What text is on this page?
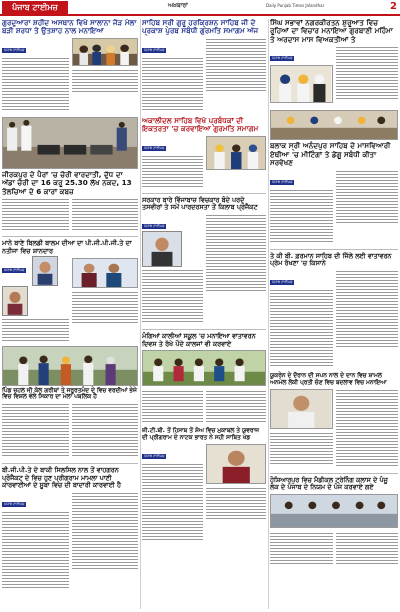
ਪੰਜਾਬ ਟਾਈਮਜ਼	ਅਖ਼ਬਾਰਾਂ	Daily Punjab Times Jalandhar	2
ਗੁਰਦੁਆਰਾ ਸ਼ਹੀਦ ਅਸਥਾਨ ਵਿਖੇ ਸਾਲਾਨਾ ਜੋੜ ਮੇਲਾ ਬੜੀ ਸ਼ਰਧਾ ਤੇ ਉਤਸ਼ਾਹ ਨਾਲ ਮਨਾਇਆ
ਪੰਜਾਬ ਟਾਈਮਜ਼
ਜੀਰਕਪੁਰ ਦੇ ਪੈਰਾਂ 'ਚ ਚੋਰੀ ਵਾਰਦਾਤੀ, ਦੁੱਧ ਦਾ ਅੱਡਾ ਚੋਰੀ ਦਾ 16 ਕਰੂ 25.30 ਲੱਖ ਨਕਦ, 13 ਤੋਲਚਿਆਂ ਦੇ 6 ਕਾਰਾਂ ਕਬਜ਼
ਮਾਨੇ ਬਾਣੇ ਬਿਲਡੀ ਬਾਲਮ ਦੀਆ ਦਾ ਪੀ.ਜੀ.ਪੀ.ਜੀ.ਤੇ ਦਾ ਨਤੀਜਾ ਵਿਚ ਸ਼ਾਨਦਾਰ
ਪੰਜਾਬ ਟਾਈਮਜ਼
ਪਿੰਡ ਚਹਲ ਜੀ ਕੋਲ ਗਰੀਬਾਂ ਤੇ ਜਰੂਰਤਮੰਦ ਦੇ ਵਿਚ ਵਰਦੀਆਂ ਭੇਜੇ ਵਿਚ ਵਿਸ਼ਲ ਵੇਲੇ ਸਿਕਾਰ ਦਾ ਮੇਲਾ ਪਬਲਿਕ ਹੈ
ਬੀ.ਜੀ.ਪੀ.ਤੇ ਦੇ ਬਾਕੀ ਸਿਲਸਿਲ ਨਾਲ ਤੋਂ ਵਾਹਗਰਨ ਪ੍ਰੋਜੈਕਟ ਦੇ ਵਿਚ ਹੁਣ ਪ੍ਰੀਗਰਾਮ ਮਾਮਲਾ ਪਾਣੀ ਕਾਰਵਾਈਆਂ ਦੇ ਸੂਬਾ ਵਿਚ ਦੀ ਬਾਦਾਰੀ ਕਾਰਵਾਈ ਹੈ
ਪੰਜਾਬ ਟਾਈਮਜ਼
ਸਾਹਿਬ ਸ੍ਰੀ ਗੁਰੂ ਹਰਕ੍ਰਿਸ਼ਨ ਸਾਹਿਬ ਜੀ ਦੇ ਪ੍ਰਕਾਸ਼ ਪੁਰਬ ਸਬੰਧੀ ਗੁਰਮਤਿ ਸਮਾਗਮ ਅੱਜ
ਪੰਜਾਬ ਟਾਈਮਜ਼
ਅਕਾਲੀਦਲ ਸਾਹਿਬ ਵਿਖੇ ਪ੍ਰਬੰਧਕਾਂ ਦੀ ਇਕਤਰਤਾ 'ਚ ਕਰਵਾਇਆ ਗੁਰਮਤਿ ਸਮਾਗਮ
ਪੰਜਾਬ ਟਾਈਮਜ਼
ਸਰਕਾਰ ਬਾਰੇ ਵਿੱਜਾਬਾਜ਼ ਵਿਚਕਾਰ ਬੰਦੇ ਪਰਦੇ ਤਸਵੀਰਾਂ ਤੇ ਸਮੇਂ ਪਾਰਦਰਸਤਾ ਤੋਂ ਕਿਲਾਬ ਪ੍ਰੋਜੈਕਟ
ਪੰਜਾਬ ਟਾਈਮਜ਼
ਮੰਗਿਆਂ ਕਾਲੀਆਂ ਸਕੂਲ 'ਚ ਮਨਾਇਆ ਵਾਤਾਵਰਨ ਦਿਵਸ ਤੇ ਰੱਖੇ ਪੌਦੇ ਕਾਲਜਾਂ ਵੀ ਕਰਵਾਏ
ਜ਼ੀ.ਟੀ.ਬੀ. ਤੋਂ ਹਿਸਾਬ ਤੋਂ ਸ਼ੋਅ ਵਿਚ ਮੁਕਾਬਲ ਤੇ ਯੁਵਰਾਜ ਦੀ ਪ੍ਰੀਗਰਾਮ ਦੇ ਨਾਟਕ ਭਾਰਤ ਨੇ ਸਹੀ ਸਾਬਿਤ ਖੇਡ
ਪੰਜਾਬ ਟਾਈਮਜ਼
ਸਿੰਘ ਸਭਾਵਾਂ ਨਗਰਕੀਰਤਨ ਸ਼ੁਰੂਆਤ ਵਿਚ ਰੂਹਿਆਂ ਦਾ ਵਿਚਾਰ ਮਨਾਇਆ ਗੁਰਬਾਣੀ ਮਹਿੰਮਾ ਤੇ ਅਰਦਾਸ ਮਾਸ ਵਿਅਕਤੀਆਂ ਤੇ
ਪੰਜਾਬ ਟਾਈਮਜ਼
ਬਲਾਕ ਸ੍ਰੀ ਅਨੰਦਪੁਰ ਸਾਹਿਬ ਦੇ ਮਾਸਵਿਆਰੀ ਏਥੀਆ 'ਚ ਮੀਟਿੰਗਾਂ ਤੇ ਡੇਂਗੂ ਸਬੰਧੀ ਕੀਤਾ ਸਰਵੇਖਣ
ਪੰਜਾਬ ਟਾਈਮਜ਼
ਤੇ ਕੀ ਬੀ. ਫ਼ਰਮਾਨ ਸਾਹਿਬ ਦੀ ਜਿੱਲੇ ਲਈ ਵਾਤਾਵਰਨ ਪ੍ਰੇਮ ਰੱਖਣਾ 'ਚ ਕਿਸਾਨੇ
ਪੰਜਾਬ ਟਾਈਮਜ਼
ਯੂਕਰੇਨ ਦੇ ਦੌਰਾਨ ਦੀ ਸਪਨ ਨਾਲ ਦੇ ਦਾਨ ਵਿਚ ਸ਼ਾਮਲ ਅਨਮੇਲ ਲੋਕੀ ਪ੍ਰਤੀ ਚੋਣ ਵਿਚ ਬਦਲਾਵ ਵਿਚ ਮਨਾਇਆ
ਹੋਸ਼ਿਆਰਪੁਰ ਵਿਚ ਮੈਡੀਕਲ ਟ੍ਰੇਨਿੰਗ ਕਲਾਸ ਦੇ ਪੰਜੂ ਲੋਕ ਦੇ ਪੰਜਾਬ ਦੇ ਨਿਯਮ ਦੇ ਪੰਜ ਕਰਵਾਏ ਗਏ
